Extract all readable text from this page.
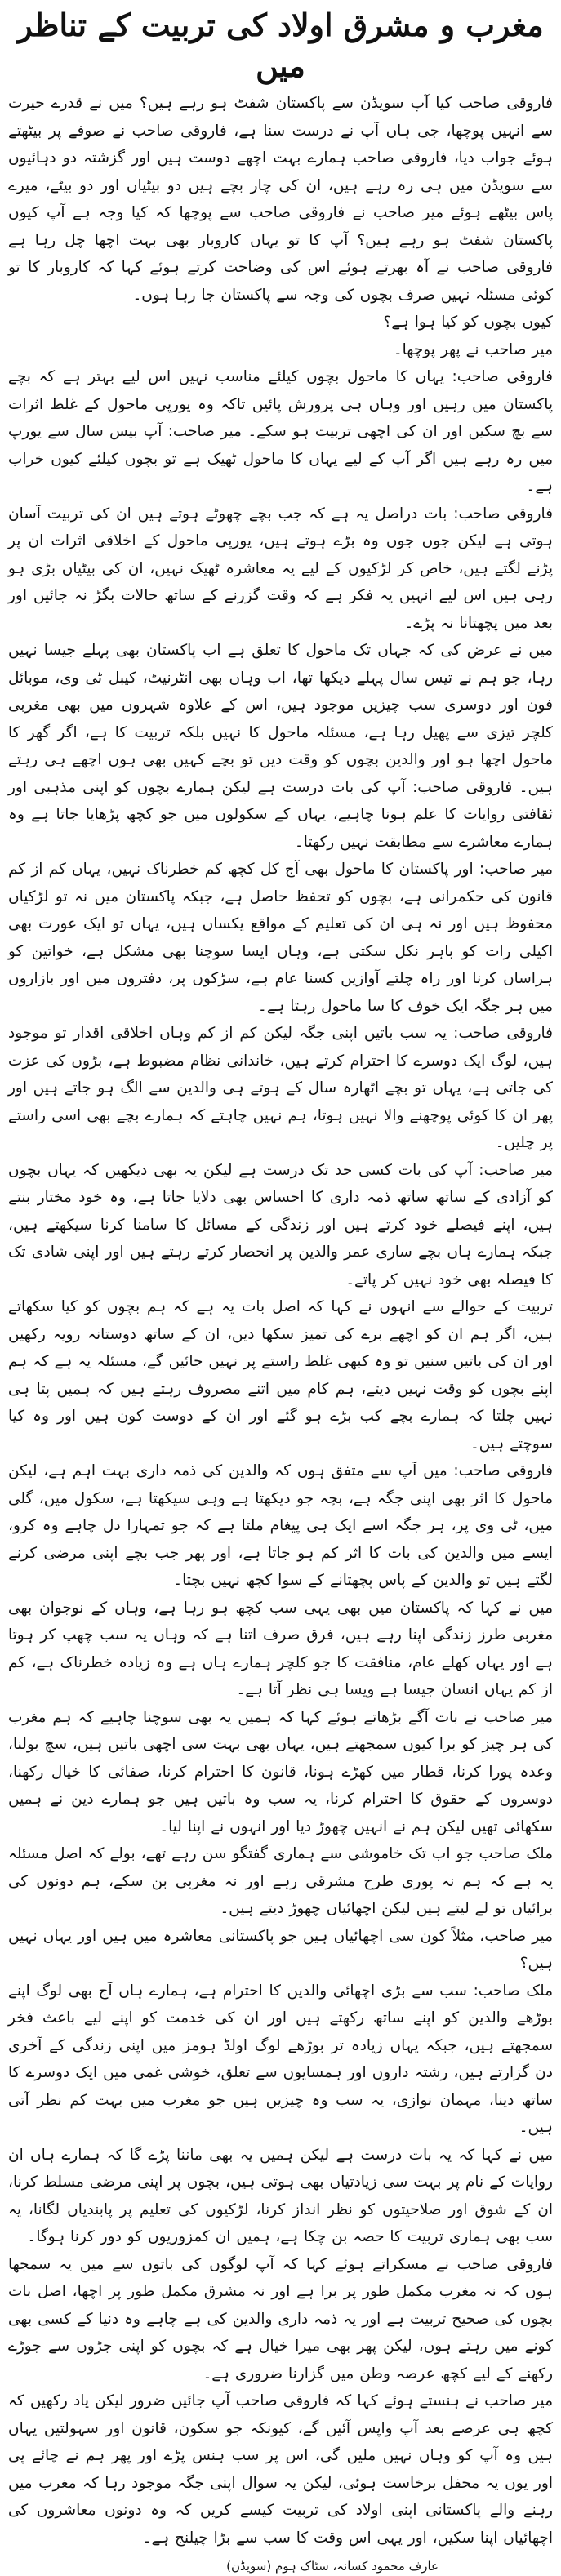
مغرب و مشرق اولاد کی تربیت کے تناظر میں

فاروقی صاحب کیا آپ سویڈن سے پاکستان شفٹ ہو رہے ہیں؟ میں نے قدرے حیرت سے انہیں پوچھا، جی ہاں آپ نے درست سنا ہے، فاروقی صاحب نے صوفے پر بیٹھتے ہوئے جواب دیا، فاروقی صاحب ہمارے بہت اچھے دوست ہیں اور گزشتہ دو دہائیوں سے سویڈن میں ہی رہ رہے ہیں، ان کی چار بچے ہیں دو بیٹیاں اور دو بیٹے، میرے پاس بیٹھے ہوئے میر صاحب نے فاروقی صاحب سے پوچھا کہ کیا وجہ ہے آپ کیوں پاکستان شفٹ ہو رہے ہیں؟ آپ کا تو یہاں کاروبار بھی بہت اچھا چل رہا ہے فاروقی صاحب نے آہ بھرتے ہوئے اس کی وضاحت کرتے ہوئے کہا کہ کاروبار کا تو کوئی مسئلہ نہیں صرف بچوں کی وجہ سے پاکستان جا رہا ہوں۔

کیوں بچوں کو کیا ہوا ہے؟

میر صاحب نے پھر پوچھا۔

فاروقی صاحب: یہاں کا ماحول بچوں کیلئے مناسب نہیں اس لیے بہتر ہے کہ بچے پاکستان میں رہیں اور وہاں ہی پرورش پائیں تاکہ وہ یورپی ماحول کے غلط اثرات سے بچ سکیں اور ان کی اچھی تربیت ہو سکے۔ میر صاحب: آپ بیس سال سے یورپ میں رہ رہے ہیں اگر آپ کے لیے یہاں کا ماحول ٹھیک ہے تو بچوں کیلئے کیوں خراب ہے۔

فاروقی صاحب: بات دراصل یہ ہے کہ جب بچے چھوٹے ہوتے ہیں ان کی تربیت آسان ہوتی ہے لیکن جوں جوں وہ بڑے ہوتے ہیں، یورپی ماحول کے اخلاقی اثرات ان پر پڑنے لگتے ہیں، خاص کر لڑکیوں کے لیے یہ معاشرہ ٹھیک نہیں، ان کی بیٹیاں بڑی ہو رہی ہیں اس لیے انہیں یہ فکر ہے کہ وقت گزرنے کے ساتھ حالات بگڑ نہ جائیں اور بعد میں پچھتانا نہ پڑے۔

میں نے عرض کی کہ جہاں تک ماحول کا تعلق ہے اب پاکستان بھی پہلے جیسا نہیں رہا، جو ہم نے تیس سال پہلے دیکھا تھا، اب وہاں بھی انٹرنیٹ، کیبل ٹی وی، موبائل فون اور دوسری سب چیزیں موجود ہیں، اس کے علاوہ شہروں میں بھی مغربی کلچر تیزی سے پھیل رہا ہے، مسئلہ ماحول کا نہیں بلکہ تربیت کا ہے، اگر گھر کا ماحول اچھا ہو اور والدین بچوں کو وقت دیں تو بچے کہیں بھی ہوں اچھے ہی رہتے ہیں۔ فاروقی صاحب: آپ کی بات درست ہے لیکن ہمارے بچوں کو اپنی مذہبی اور ثقافتی روایات کا علم ہونا چاہیے، یہاں کے سکولوں میں جو کچھ پڑھایا جاتا ہے وہ ہمارے معاشرے سے مطابقت نہیں رکھتا۔

میر صاحب: اور پاکستان کا ماحول بھی آج کل کچھ کم خطرناک نہیں، یہاں کم از کم قانون کی حکمرانی ہے، بچوں کو تحفظ حاصل ہے، جبکہ پاکستان میں نہ تو لڑکیاں محفوظ ہیں اور نہ ہی ان کی تعلیم کے مواقع یکساں ہیں، یہاں تو ایک عورت بھی اکیلی رات کو باہر نکل سکتی ہے، وہاں ایسا سوچنا بھی مشکل ہے، خواتین کو ہراساں کرنا اور راہ چلتے آوازیں کسنا عام ہے، سڑکوں پر، دفتروں میں اور بازاروں میں ہر جگہ ایک خوف کا سا ماحول رہتا ہے۔

فاروقی صاحب: یہ سب باتیں اپنی جگہ لیکن کم از کم وہاں اخلاقی اقدار تو موجود ہیں، لوگ ایک دوسرے کا احترام کرتے ہیں، خاندانی نظام مضبوط ہے، بڑوں کی عزت کی جاتی ہے، یہاں تو بچے اٹھارہ سال کے ہوتے ہی والدین سے الگ ہو جاتے ہیں اور پھر ان کا کوئی پوچھنے والا نہیں ہوتا، ہم نہیں چاہتے کہ ہمارے بچے بھی اسی راستے پر چلیں۔

میر صاحب: آپ کی بات کسی حد تک درست ہے لیکن یہ بھی دیکھیں کہ یہاں بچوں کو آزادی کے ساتھ ساتھ ذمہ داری کا احساس بھی دلایا جاتا ہے، وہ خود مختار بنتے ہیں، اپنے فیصلے خود کرتے ہیں اور زندگی کے مسائل کا سامنا کرنا سیکھتے ہیں، جبکہ ہمارے ہاں بچے ساری عمر والدین پر انحصار کرتے رہتے ہیں اور اپنی شادی تک کا فیصلہ بھی خود نہیں کر پاتے۔

تربیت کے حوالے سے انہوں نے کہا کہ اصل بات یہ ہے کہ ہم بچوں کو کیا سکھاتے ہیں، اگر ہم ان کو اچھے برے کی تمیز سکھا دیں، ان کے ساتھ دوستانہ رویہ رکھیں اور ان کی باتیں سنیں تو وہ کبھی غلط راستے پر نہیں جائیں گے، مسئلہ یہ ہے کہ ہم اپنے بچوں کو وقت نہیں دیتے، ہم کام میں اتنے مصروف رہتے ہیں کہ ہمیں پتا ہی نہیں چلتا کہ ہمارے بچے کب بڑے ہو گئے اور ان کے دوست کون ہیں اور وہ کیا سوچتے ہیں۔

فاروقی صاحب: میں آپ سے متفق ہوں کہ والدین کی ذمہ داری بہت اہم ہے، لیکن ماحول کا اثر بھی اپنی جگہ ہے، بچہ جو دیکھتا ہے وہی سیکھتا ہے، سکول میں، گلی میں، ٹی وی پر، ہر جگہ اسے ایک ہی پیغام ملتا ہے کہ جو تمہارا دل چاہے وہ کرو، ایسے میں والدین کی بات کا اثر کم ہو جاتا ہے، اور پھر جب بچے اپنی مرضی کرنے لگتے ہیں تو والدین کے پاس پچھتانے کے سوا کچھ نہیں بچتا۔

میں نے کہا کہ پاکستان میں بھی یہی سب کچھ ہو رہا ہے، وہاں کے نوجوان بھی مغربی طرز زندگی اپنا رہے ہیں، فرق صرف اتنا ہے کہ وہاں یہ سب چھپ کر ہوتا ہے اور یہاں کھلے عام، منافقت کا جو کلچر ہمارے ہاں ہے وہ زیادہ خطرناک ہے، کم از کم یہاں انسان جیسا ہے ویسا ہی نظر آتا ہے۔

میر صاحب نے بات آگے بڑھاتے ہوئے کہا کہ ہمیں یہ بھی سوچنا چاہیے کہ ہم مغرب کی ہر چیز کو برا کیوں سمجھتے ہیں، یہاں بھی بہت سی اچھی باتیں ہیں، سچ بولنا، وعدہ پورا کرنا، قطار میں کھڑے ہونا، قانون کا احترام کرنا، صفائی کا خیال رکھنا، دوسروں کے حقوق کا احترام کرنا، یہ سب وہ باتیں ہیں جو ہمارے دین نے ہمیں سکھائی تھیں لیکن ہم نے انہیں چھوڑ دیا اور انہوں نے اپنا لیا۔

ملک صاحب جو اب تک خاموشی سے ہماری گفتگو سن رہے تھے، بولے کہ اصل مسئلہ یہ ہے کہ ہم نہ پوری طرح مشرقی رہے اور نہ مغربی بن سکے، ہم دونوں کی برائیاں تو لے لیتے ہیں لیکن اچھائیاں چھوڑ دیتے ہیں۔

میر صاحب، مثلاً کون سی اچھائیاں ہیں جو پاکستانی معاشرہ میں ہیں اور یہاں نہیں ہیں؟

ملک صاحب: سب سے بڑی اچھائی والدین کا احترام ہے، ہمارے ہاں آج بھی لوگ اپنے بوڑھے والدین کو اپنے ساتھ رکھتے ہیں اور ان کی خدمت کو اپنے لیے باعث فخر سمجھتے ہیں، جبکہ یہاں زیادہ تر بوڑھے لوگ اولڈ ہومز میں اپنی زندگی کے آخری دن گزارتے ہیں، رشتہ داروں اور ہمسایوں سے تعلق، خوشی غمی میں ایک دوسرے کا ساتھ دینا، مہمان نوازی، یہ سب وہ چیزیں ہیں جو مغرب میں بہت کم نظر آتی ہیں۔

میں نے کہا کہ یہ بات درست ہے لیکن ہمیں یہ بھی ماننا پڑے گا کہ ہمارے ہاں ان روایات کے نام پر بہت سی زیادتیاں بھی ہوتی ہیں، بچوں پر اپنی مرضی مسلط کرنا، ان کے شوق اور صلاحیتوں کو نظر انداز کرنا، لڑکیوں کی تعلیم پر پابندیاں لگانا، یہ سب بھی ہماری تربیت کا حصہ بن چکا ہے، ہمیں ان کمزوریوں کو دور کرنا ہوگا۔

فاروقی صاحب نے مسکراتے ہوئے کہا کہ آپ لوگوں کی باتوں سے میں یہ سمجھا ہوں کہ نہ مغرب مکمل طور پر برا ہے اور نہ مشرق مکمل طور پر اچھا، اصل بات بچوں کی صحیح تربیت ہے اور یہ ذمہ داری والدین کی ہے چاہے وہ دنیا کے کسی بھی کونے میں رہتے ہوں، لیکن پھر بھی میرا خیال ہے کہ بچوں کو اپنی جڑوں سے جوڑے رکھنے کے لیے کچھ عرصہ وطن میں گزارنا ضروری ہے۔

میر صاحب نے ہنستے ہوئے کہا کہ فاروقی صاحب آپ جائیں ضرور لیکن یاد رکھیں کہ کچھ ہی عرصے بعد آپ واپس آئیں گے، کیونکہ جو سکون، قانون اور سہولتیں یہاں ہیں وہ آپ کو وہاں نہیں ملیں گی، اس پر سب ہنس پڑے اور پھر ہم نے چائے پی اور یوں یہ محفل برخاست ہوئی، لیکن یہ سوال اپنی جگہ موجود رہا کہ مغرب میں رہنے والے پاکستانی اپنی اولاد کی تربیت کیسے کریں کہ وہ دونوں معاشروں کی اچھائیاں اپنا سکیں، اور یہی اس وقت کا سب سے بڑا چیلنج ہے۔

عارف محمود کسانہ، سٹاک ہوم (سویڈن)
